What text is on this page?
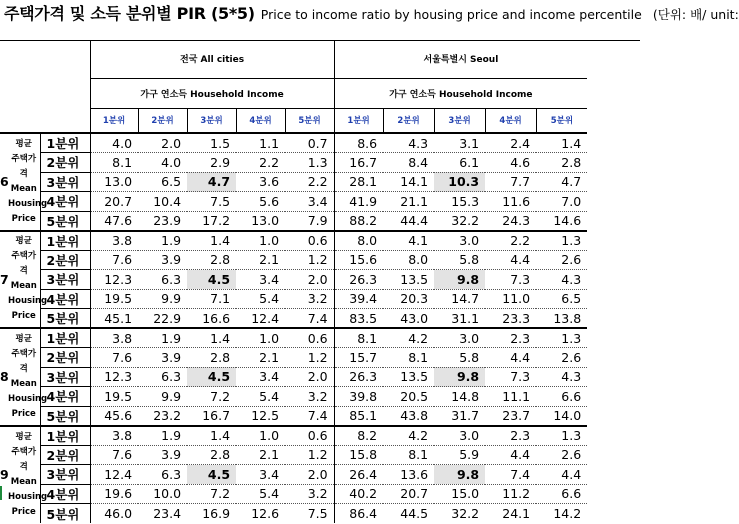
주택가격 및 소득 분위별 PIR (5*5) Price to income ratio by housing price and income percentile (단위: 배/ unit:
			전국 All cities					서울특별시 Seoul			
			가구 연소득 Household Income					가구 연소득 Household Income				
			1분위	2분위	3분위	4분위	5분위	1분위	2분위	3분위	4분위	5분위
6	평균
주택가격
Mean
Housing
Price	1분위	4.0	2.0	1.5	1.1	0.7	8.6	4.3	3.1	2.4	1.4
		2분위	8.1	4.0	2.9	2.2	1.3	16.7	8.4	6.1	4.6	2.8
		3분위	13.0	6.5	4.7	3.6	2.2	28.1	14.1	10.3	7.7	4.7
		4분위	20.7	10.4	7.5	5.6	3.4	41.9	21.1	15.3	11.6	7.0
		5분위	47.6	23.9	17.2	13.0	7.9	88.2	44.4	32.2	24.3	14.6
7	평균
주택가격
Mean
Housing
Price	1분위	3.8	1.9	1.4	1.0	0.6	8.0	4.1	3.0	2.2	1.3
		2분위	7.6	3.9	2.8	2.1	1.2	15.6	8.0	5.8	4.4	2.6
		3분위	12.3	6.3	4.5	3.4	2.0	26.3	13.5	9.8	7.3	4.3
		4분위	19.5	9.9	7.1	5.4	3.2	39.4	20.3	14.7	11.0	6.5
		5분위	45.1	22.9	16.6	12.4	7.4	83.5	43.0	31.1	23.3	13.8
8	평균
주택가격
Mean
Housing
Price	1분위	3.8	1.9	1.4	1.0	0.6	8.1	4.2	3.0	2.3	1.3
		2분위	7.6	3.9	2.8	2.1	1.2	15.7	8.1	5.8	4.4	2.6
		3분위	12.3	6.3	4.5	3.4	2.0	26.3	13.5	9.8	7.3	4.3
		4분위	19.5	9.9	7.2	5.4	3.2	39.8	20.5	14.8	11.1	6.6
		5분위	45.6	23.2	16.7	12.5	7.4	85.1	43.8	31.7	23.7	14.0
9	평균
주택가격
Mean
Housing
Price	1분위	3.8	1.9	1.4	1.0	0.6	8.2	4.2	3.0	2.3	1.3
		2분위	7.6	3.9	2.8	2.1	1.2	15.8	8.1	5.9	4.4	2.6
		3분위	12.4	6.3	4.5	3.4	2.0	26.4	13.6	9.8	7.4	4.4
		4분위	19.6	10.0	7.2	5.4	3.2	40.2	20.7	15.0	11.2	6.6
		5분위	46.0	23.4	16.9	12.6	7.5	86.4	44.5	32.2	24.1	14.2
